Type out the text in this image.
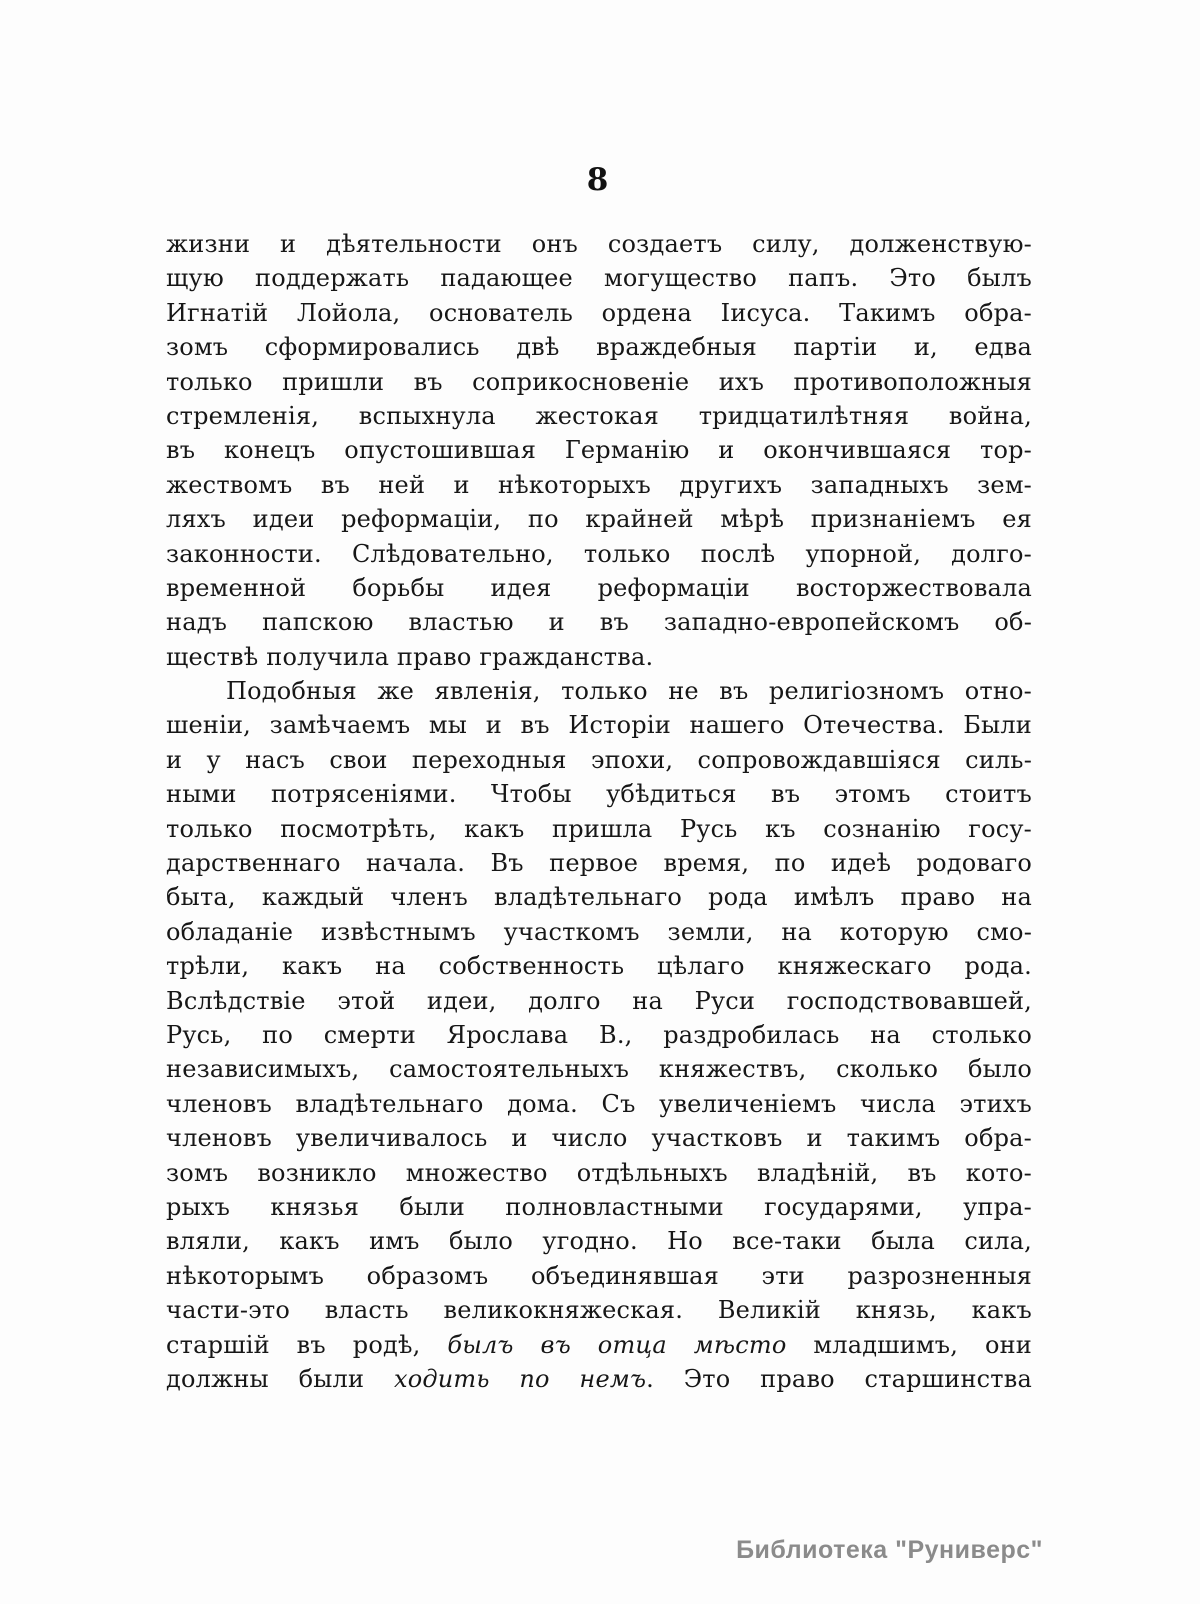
8
жизни и дѣятельности онъ создаетъ силу, долженствую-
щую поддержать падающее могущество папъ. Это былъ
Игнатій Лойола, основатель ордена Іисуса. Такимъ обра-
зомъ сформировались двѣ враждебныя партіи и, едва
только пришли въ соприкосновеніе ихъ противоположныя
стремленія, вспыхнула жестокая тридцатилѣтняя война,
въ конецъ опустошившая Германію и окончившаяся тор-
жествомъ въ ней и нѣкоторыхъ другихъ западныхъ зем-
ляхъ идеи реформаціи, по крайней мѣрѣ признаніемъ ея
законности. Слѣдовательно, только послѣ упорной, долго-
временной борьбы идея реформаціи восторжествовала
надъ папскою властью и въ западно-европейскомъ об-
ществѣ получила право гражданства.
Подобныя же явленія, только не въ религіозномъ отно-
шеніи, замѣчаемъ мы и въ Исторіи нашего Отечества. Были
и у насъ свои переходныя эпохи, сопровождавшіяся силь-
ными потрясеніями. Чтобы убѣдиться въ этомъ стоитъ
только посмотрѣть, какъ пришла Русь къ сознанію госу-
дарственнаго начала. Въ первое время, по идеѣ родоваго
быта, каждый членъ владѣтельнаго рода имѣлъ право на
обладаніе извѣстнымъ участкомъ земли, на которую смо-
трѣли, какъ на собственность цѣлаго княжескаго рода.
Вслѣдствіе этой идеи, долго на Руси господствовавшей,
Русь, по смерти Ярослава В., раздробилась на столько
независимыхъ, самостоятельныхъ княжествъ, сколько было
членовъ владѣтельнаго дома. Съ увеличеніемъ числа этихъ
членовъ увеличивалось и число участковъ и такимъ обра-
зомъ возникло множество отдѣльныхъ владѣній, въ кото-
рыхъ князья были полновластными государями, упра-
вляли, какъ имъ было угодно. Но все-таки была сила,
нѣкоторымъ образомъ объединявшая эти разрозненныя
части-это власть великокняжеская. Великій князь, какъ
старшій въ родѣ, былъ въ отца мѣсто младшимъ, они
должны были ходить по немъ. Это право старшинства
Библиотека "Руниверс"
